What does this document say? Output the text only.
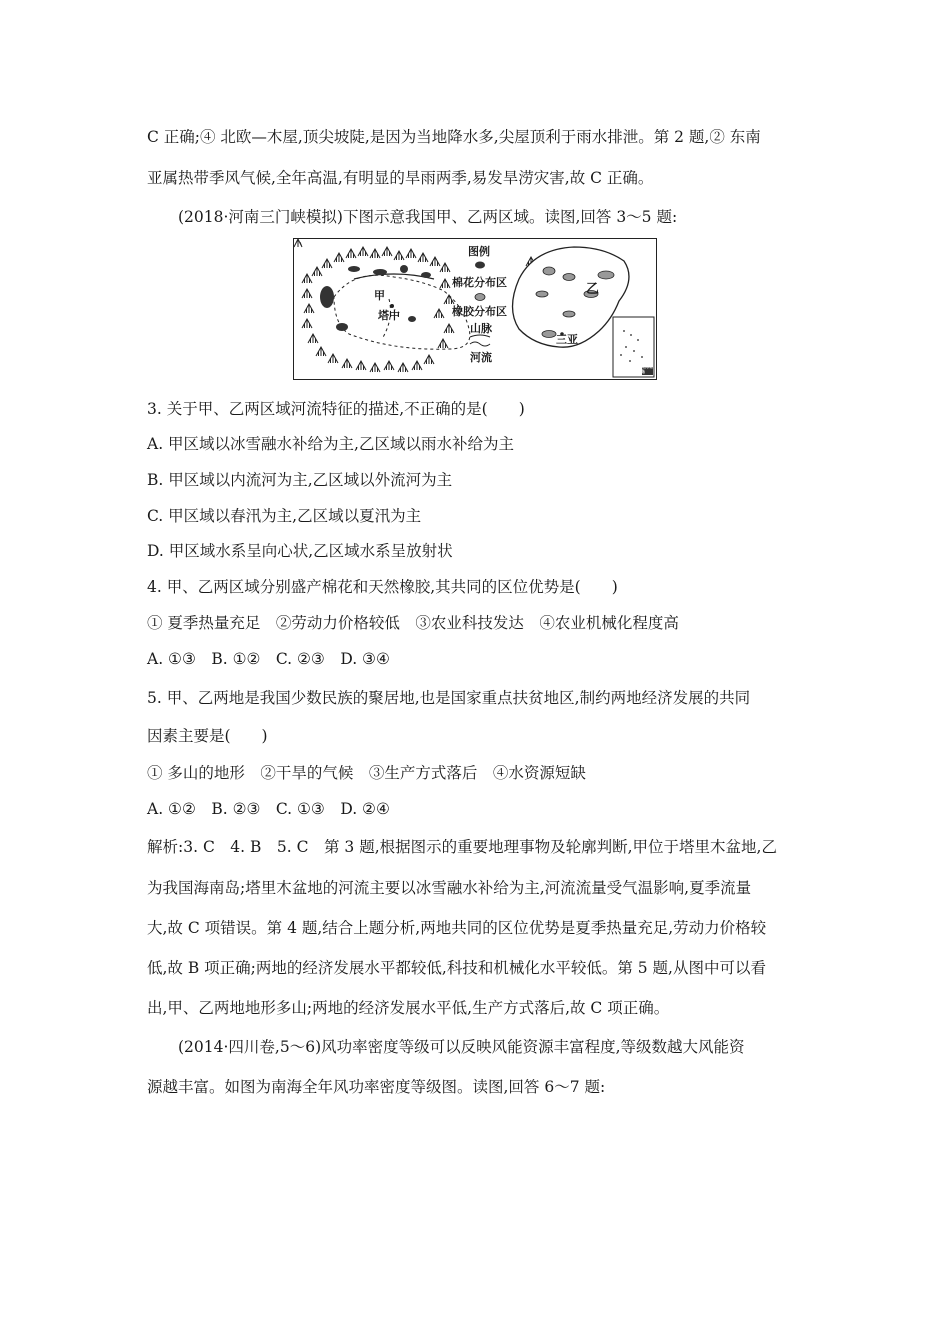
C 正确;④ 北欧—木屋,顶尖坡陡,是因为当地降水多,尖屋顶利于雨水排泄。第 2 题,② 东南
亚属热带季风气候,全年高温,有明显的旱雨两季,易发旱涝灾害,故 C 正确。
(2018·河南三门峡模拟)下图示意我国甲、乙两区域。读图,回答 3～5 题:
3. 关于甲、乙两区域河流特征的描述,不正确的是(　　)
A. 甲区域以冰雪融水补给为主,乙区域以雨水补给为主
B. 甲区域以内流河为主,乙区域以外流河为主
C. 甲区域以春汛为主,乙区域以夏汛为主
D. 甲区域水系呈向心状,乙区域水系呈放射状
4. 甲、乙两区域分别盛产棉花和天然橡胶,其共同的区位优势是(　　)
① 夏季热量充足　②劳动力价格较低　③农业科技发达　④农业机械化程度高
A. ①③　B. ①②　C. ②③　D. ③④
5. 甲、乙两地是我国少数民族的聚居地,也是国家重点扶贫地区,制约两地经济发展的共同
因素主要是(　　)
① 多山的地形　②干旱的气候　③生产方式落后　④水资源短缺
A. ①②　B. ②③　C. ①③　D. ②④
解析:3. C　4. B　5. C　第 3 题,根据图示的重要地理事物及轮廓判断,甲位于塔里木盆地,乙
为我国海南岛;塔里木盆地的河流主要以冰雪融水补给为主,河流流量受气温影响,夏季流量
大,故 C 项错误。第 4 题,结合上题分析,两地共同的区位优势是夏季热量充足,劳动力价格较
低,故 B 项正确;两地的经济发展水平都较低,科技和机械化水平较低。第 5 题,从图中可以看
出,甲、乙两地地形多山;两地的经济发展水平低,生产方式落后,故 C 项正确。
(2014·四川卷,5～6)风功率密度等级可以反映风能资源丰富程度,等级数越大风能资
源越丰富。如图为南海全年风功率密度等级图。读图,回答 6～7 题:
图例
棉花分布区
橡胶分布区
山脉
河流
甲
塔中
乙
三亚
南海诸岛
